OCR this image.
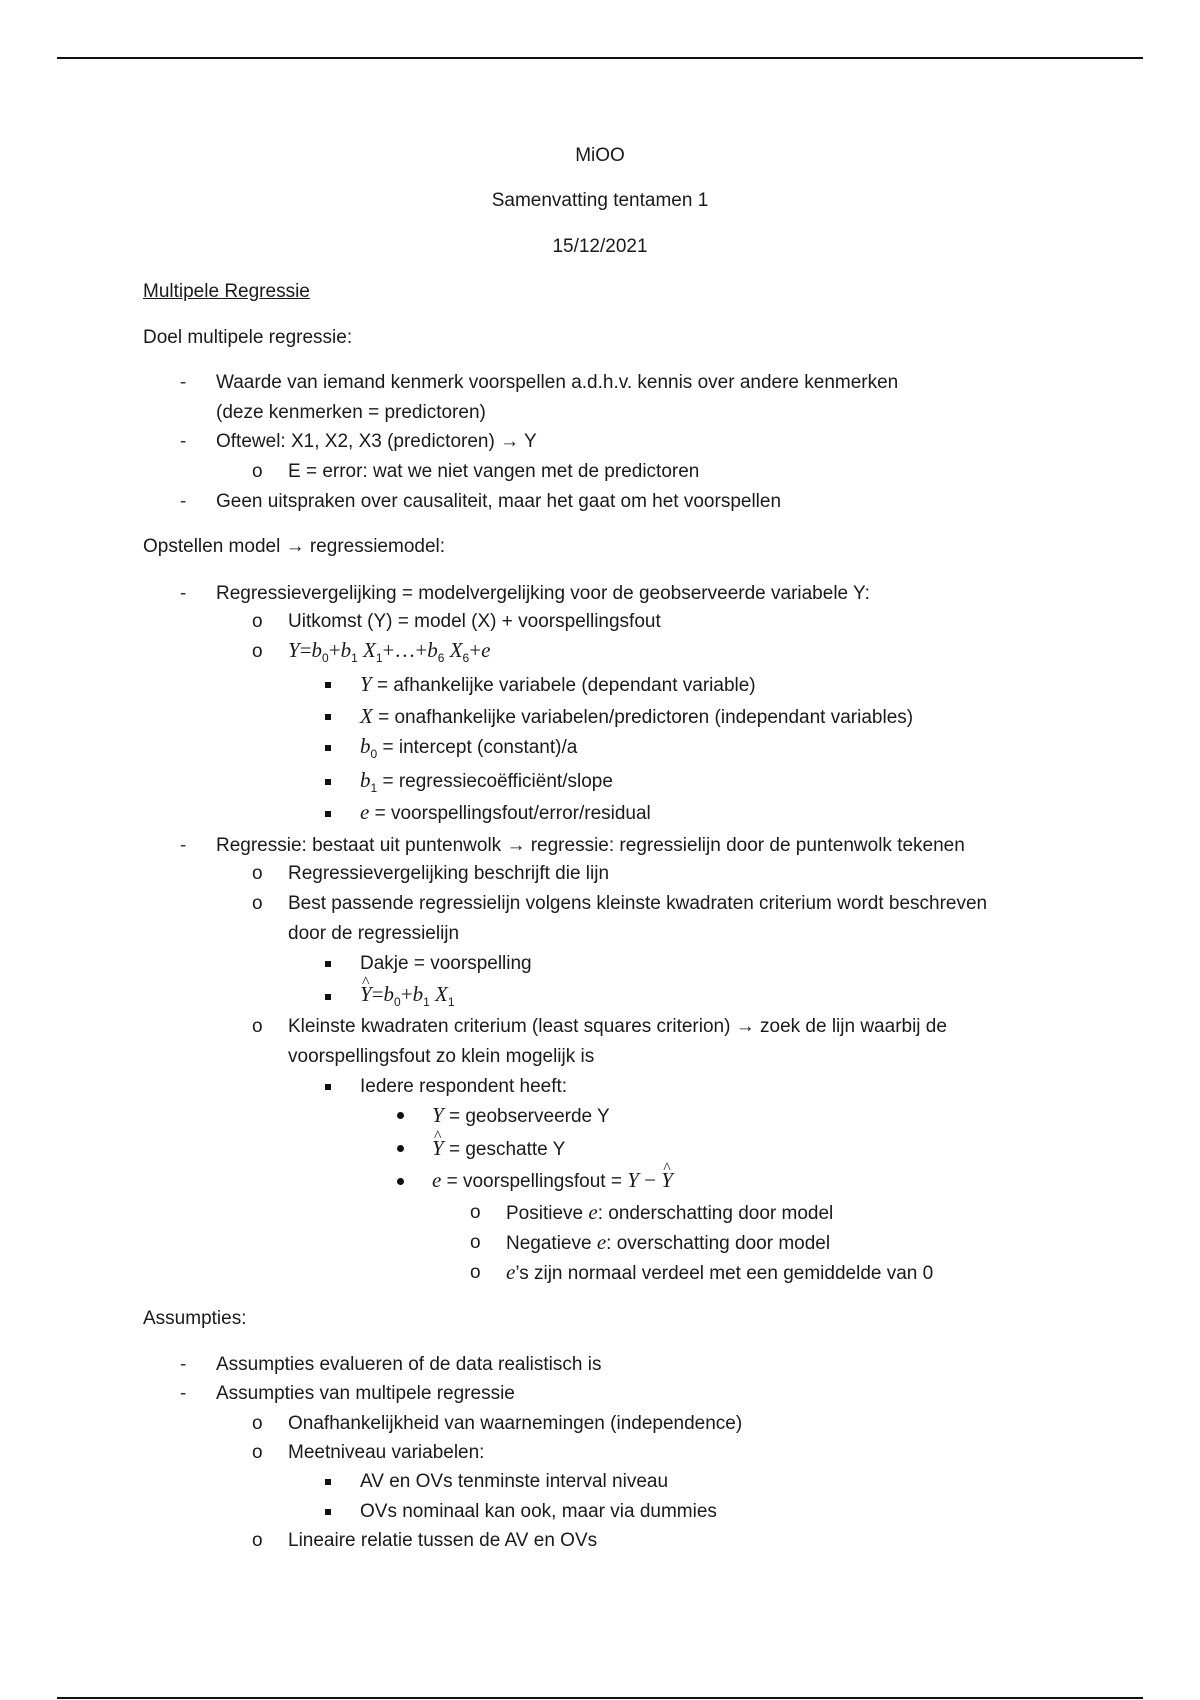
MiOO
Samenvatting tentamen 1
15/12/2021
Multipele Regressie
Doel multipele regressie:
- Waarde van iemand kenmerk voorspellen a.d.h.v. kennis over andere kenmerken
(deze kenmerken = predictoren)
- Oftewel: X1, X2, X3 (predictoren) → Y
o E = error: wat we niet vangen met de predictoren
- Geen uitspraken over causaliteit, maar het gaat om het voorspellen
Opstellen model → regressiemodel:
- Regressievergelijking = modelvergelijking voor de geobserveerde variabele Y:
o Uitkomst (Y) = model (X) + voorspellingsfout
o $Y=b_0+b_1$ $X_1+\dots+b_6$ $X_6+e$
Y = afhankelijke variabele (dependant variable)
X = onafhankelijke variabelen/predictoren (independant variables)
$b_0$ = intercept (constant)/a
$b_1$ = regressiecoëfficiënt/slope
e = voorspellingsfout/error/residual
- Regressie: bestaat uit puntenwolk → regressie: regressielijn door de puntenwolk tekenen
o Regressievergelijking beschrijft die lijn
o Best passende regressielijn volgens kleinste kwadraten criterium wordt beschreven
door de regressielijn
Dakje = voorspelling
^ $Y=b_0+b_1$ $X_1$
o Kleinste kwadraten criterium (least squares criterion) → zoek de lijn waarbij de
voorspellingsfout zo klein mogelijk is
Iedere respondent heeft:
Y = geobserveerde Y
^ Y = geschatte Y
e = voorspellingsfout = Y − ^ Y
o Positieve e: onderschatting door model
o Negatieve e: overschatting door model
o e’s zijn normaal verdeel met een gemiddelde van 0
Assumpties:
- Assumpties evalueren of de data realistisch is
- Assumpties van multipele regressie
o Onafhankelijkheid van waarnemingen (independence)
o Meetniveau variabelen:
AV en OVs tenminste interval niveau
OVs nominaal kan ook, maar via dummies
o Lineaire relatie tussen de AV en OVs
